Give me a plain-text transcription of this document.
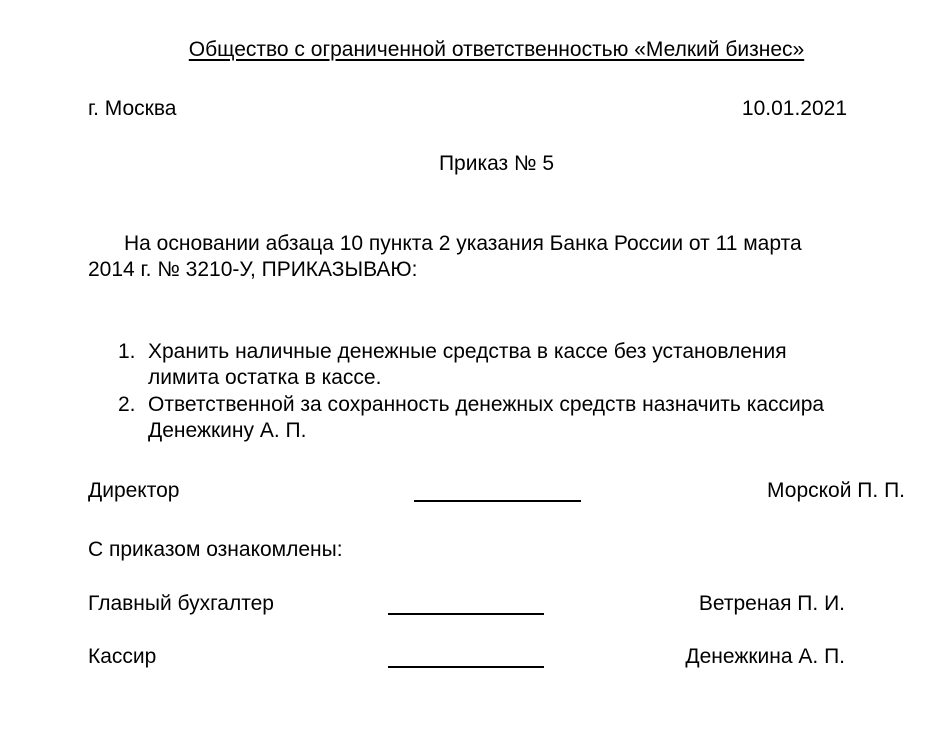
Общество с ограниченной ответственностью «Мелкий бизнес»
г. Москва	10.01.2021
Приказ № 5
На основании абзаца 10 пункта 2 указания Банка России от 11 марта
2014 г. № 3210-У, ПРИКАЗЫВАЮ:
1. Хранить наличные денежные средства в кассе без установления
лимита остатка в кассе.
2. Ответственной за сохранность денежных средств назначить кассира
Денежкину А. П.
Директор	Морской П. П.
С приказом ознакомлены:
Главный бухгалтер	Ветреная П. И.
Кассир	Денежкина А. П.
